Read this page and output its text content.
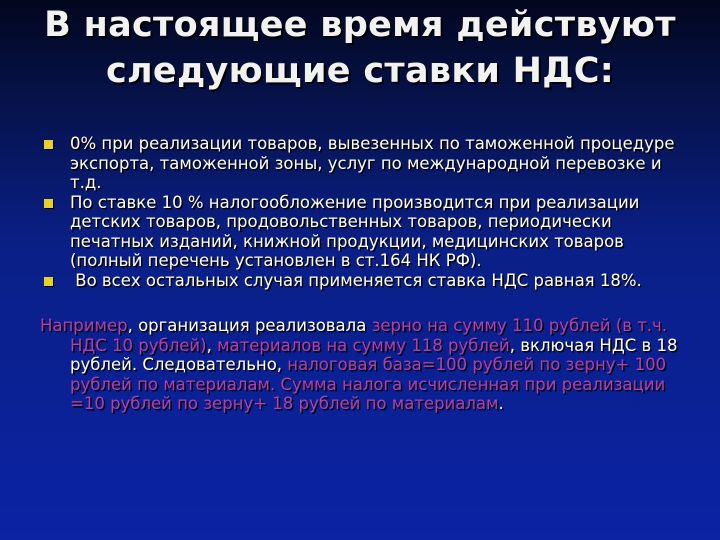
В настоящее время действуют следующие ставки НДС:
0% при реализации товаров, вывезенных по таможенной процедуре экспорта, таможенной зоны, услуг по международной перевозке и т.д.
По ставке 10 % налогообложение производится при реализации детских товаров, продовольственных товаров, периодически печатных изданий, книжной продукции, медицинских товаров (полный перечень установлен в ст.164 НК РФ).
Во всех остальных случая применяется ставка НДС равная 18%.

Например, организация реализовала зерно на сумму 110 рублей (в т.ч. НДС 10 рублей), материалов на сумму 118 рублей, включая НДС в 18 рублей. Следовательно, налоговая база=100 рублей по зерну+ 100 рублей по материалам. Сумма налога исчисленная при реализации =10 рублей по зерну+ 18 рублей по материалам.
